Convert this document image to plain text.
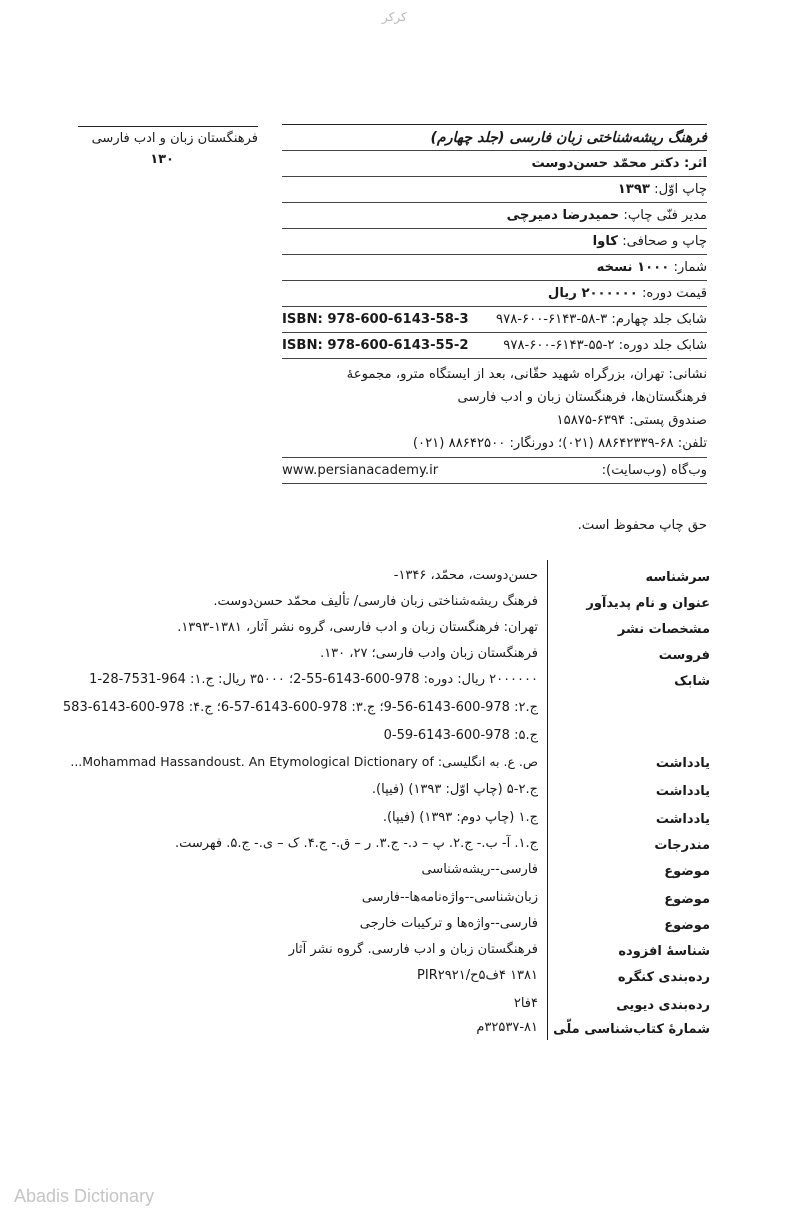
کرکر
فرهنگستان زبان و ادب فارسی
۱۳۰
فرهنگ ریشه‌شناختی زبان فارسی (جلد چهارم)
اثر: دکتر محمّد حسن‌دوست
چاپ اوّل: ۱۳۹۳
مدیر فنّی چاپ: حمیدرضا دمیرچی
چاپ و صحافی: کاوا
شمار: ۱۰۰۰ نسخه
قیمت دوره: ۲۰۰۰۰۰۰ ریال
ISBN: 978-600-6143-58-3 شابک جلد چهارم: ۳-۵۸-۶۱۴۳-۶۰۰-۹۷۸
ISBN: 978-600-6143-55-2	شابک جلد دوره: ۲-۵۵-۶۱۴۳-۶۰۰-۹۷۸
نشانی: تهران، بزرگراه شهید حقّانی، بعد از ایستگاه مترو، مجموعۀ
فرهنگستان‌ها، فرهنگستان زبان و ادب فارسی
صندوق پستی: ۶۳۹۴-۱۵۸۷۵
تلفن: ۶۸-۸۸۶۴۲۳۳۹ (۰۲۱)؛ دورنگار: ۸۸۶۴۲۵۰۰ (۰۲۱)
www.persianacademy.ir	وب‌گاه (وب‌سایت):
حق چاپ محفوظ است.
سرشناسه
حسن‌دوست، محمّد، ۱۳۴۶-
عنوان و نام پدیدآور
فرهنگ ریشه‌شناختی زبان فارسی/ تألیف محمّد حسن‌دوست.
مشخصات نشر
تهران: فرهنگستان زبان و ادب فارسی، گروه نشر آثار، ۱۳۸۱-۱۳۹۳.
فروست
فرهنگستان زبان وادب فارسی؛ ۲۷، ۱۳۰.
شابک
۲۰۰۰۰۰۰ ریال: دوره: 978-600-6143-55-2؛ ۳۵۰۰۰ ریال: ج.۱: 964-7531-28-1
ج.۲: 978-600-6143-56-9؛ ج.۳: 978-600-6143-57-6؛ ج.۴: 978-600-6143-583
ج.۵: 978-600-6143-59-0
یادداشت
ص. ع. به انگلیسی: Mohammad Hassandoust. An Etymological Dictionary of...
یادداشت
ج.۲-۵ (چاپ اوّل: ۱۳۹۳) (فیپا).
یادداشت
ج.۱ (چاپ دوم: ۱۳۹۳) (فیپا).
مندرجات
ج.۱. آ- ب.- ج.۲. پ – د.- ج.۳. ر – ق.- ج.۴. ک – ی.- ج.۵. فهرست.
موضوع
فارسی--ریشه‌شناسی
موضوع
زبان‌شناسی--واژه‌نامه‌ها--فارسی
موضوع
فارسی--واژه‌ها و ترکیبات خارجی
شناسهٔ افزوده
فرهنگستان زبان و ادب فارسی. گروه نشر آثار
رده‌بندی کنگره
۱۳۸۱ ۴ف۵ح/PIR۲۹۲۱
رده‌بندی دیویی
۴فا۲
شمارهٔ کتاب‌شناسی ملّی
۳۲۵۳۷-۸۱م
Abadis Dictionary
